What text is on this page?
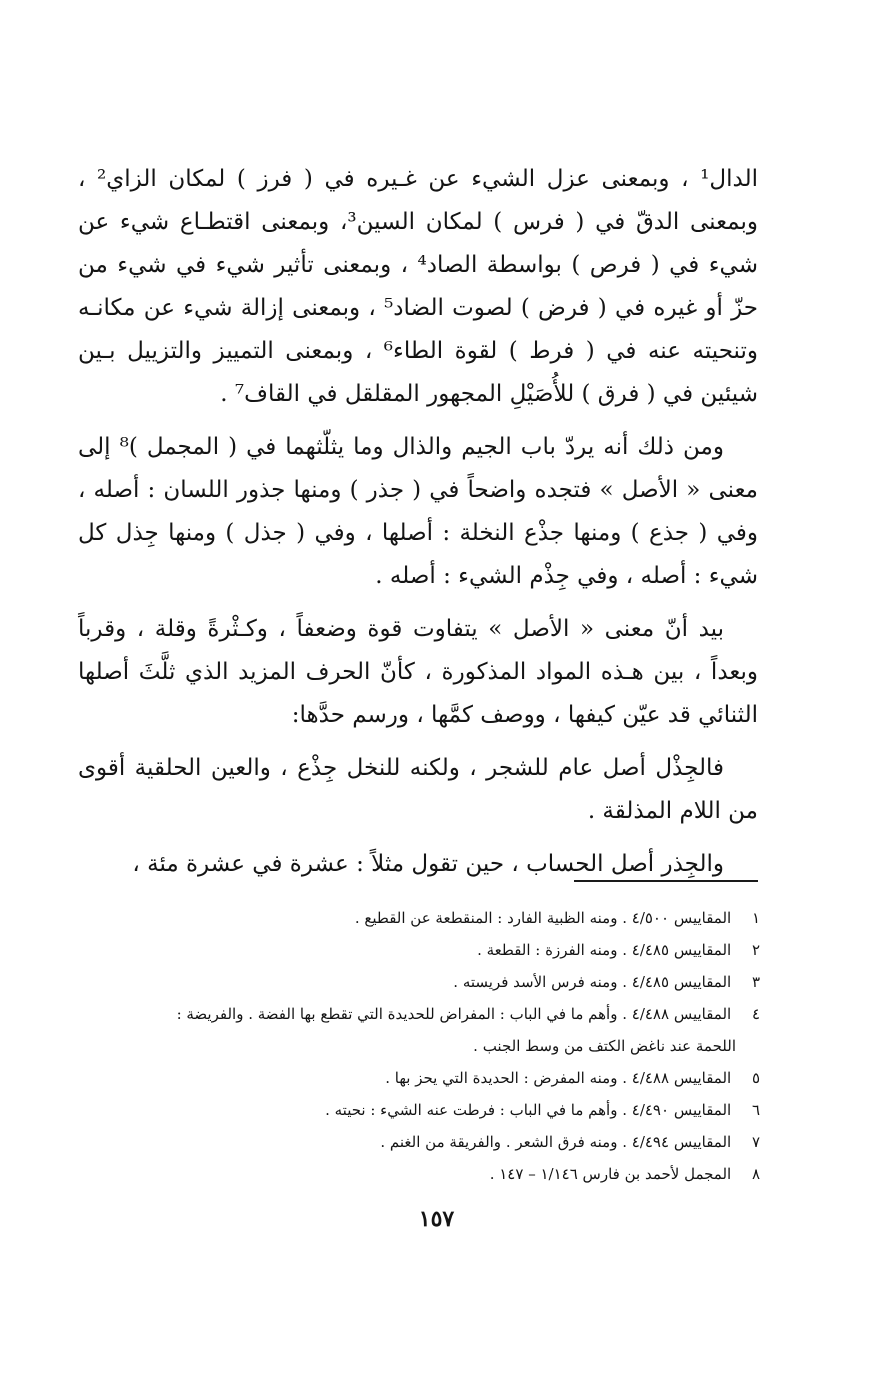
الدال¹ ، وبمعنى عزل الشيء عن غـيره في ( فرز ) لمكان الزاي² ، وبمعنى الدقّ في ( فرس ) لمكان السين³، وبمعنى اقتطـاع شيء عن شيء في ( فرص ) بواسطة الصاد⁴ ، وبمعنى تأثير شيء في شيء من حزّ أو غيره في ( فرض ) لصوت الضاد⁵ ، وبمعنى إزالة شيء عن مكانـه وتنحيته عنه في ( فرط ) لقوة الطاء⁶ ، وبمعنى التمييز والتزييل بـين شيئين في ( فرق ) للأُصَيْلِ المجهور المقلقل في القاف⁷ .

ومن ذلك أنه يردّ باب الجيم والذال وما يثلّثهما في ( المجمل )⁸ إلى معنى « الأصل » فتجده واضحاً في ( جذر ) ومنها جذور اللسان : أصله ، وفي ( جذع ) ومنها جذْع النخلة : أصلها ، وفي ( جذل ) ومنها جِذل كل شيء : أصله ، وفي جِذْم الشيء : أصله .

بيد أنّ معنى « الأصل » يتفاوت قوة وضعفاً ، وكـثْرةً وقلة ، وقرباً وبعداً ، بين هـذه المواد المذكورة ، كأنّ الحرف المزيد الذي ثلَّثَ أصلها الثنائي قد عيّن كيفها ، ووصف كمَّها ، ورسم حدَّها:

فالجِذْل أصل عام للشجر ، ولكنه للنخل جِذْع ، والعين الحلقية أقوى من اللام المذلقة .

والجِذر أصل الحساب ، حين تقول مثلاً : عشرة في عشرة مئة ،

١ المقاييس ٤/٥٠٠ . ومنه الظبية الفارد : المنقطعة عن القطيع .

٢ المقاييس ٤/٤٨٥ . ومنه الفرزة : القطعة .

٣ المقاييس ٤/٤٨٥ . ومنه فرس الأسد فريسته .

٤ المقاييس ٤/٤٨٨ . وأهم ما في الباب : المفراض للحديدة التي تقطع بها الفضة . والفريضة :

اللحمة عند ناغض الكتف من وسط الجنب .

٥ المقاييس ٤/٤٨٨ . ومنه المفرض : الحديدة التي يحز بها .

٦ المقاييس ٤/٤٩٠ . وأهم ما في الباب : فرطت عنه الشيء : نحيته .

٧ المقاييس ٤/٤٩٤ . ومنه فرق الشعر . والفريقة من الغنم .

٨ المجمل لأحمد بن فارس ١/١٤٦ – ١٤٧ .

١٥٧
